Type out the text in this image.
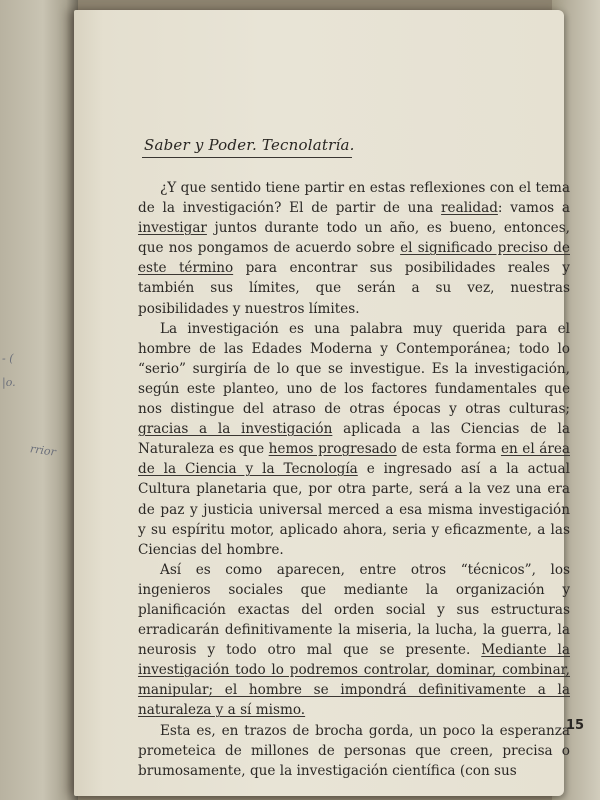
- (
|o.
rrior
Saber y Poder. Tecnolatría.

¿Y que sentido tiene partir en estas reflexiones con el tema de la investigación? El de partir de una realidad: vamos a investigar juntos durante todo un año, es bueno, entonces, que nos pongamos de acuerdo sobre el significado preciso de este término para encontrar sus posibilidades reales y también sus límites, que serán a su vez, nuestras posibilidades y nuestros límites.

La investigación es una palabra muy querida para el hombre de las Edades Moderna y Contemporánea; todo lo “serio” surgiría de lo que se investigue. Es la investigación, según este planteo, uno de los factores fundamentales que nos distingue del atraso de otras épocas y otras culturas; gracias a la investigación aplicada a las Ciencias de la Naturaleza es que hemos progresado de esta forma en el área de la Ciencia y la Tecnología e ingresado así a la actual Cultura planetaria que, por otra parte, será a la vez una era de paz y justicia universal merced a esa misma investigación y su espíritu motor, aplicado ahora, seria y eficazmente, a las Ciencias del hombre.

Así es como aparecen, entre otros “técnicos”, los ingenieros sociales que mediante la organización y planificación exactas del orden social y sus estructuras erradicarán definitivamente la miseria, la lucha, la guerra, la neurosis y todo otro mal que se presente. Mediante la investigación todo lo podremos controlar, dominar, combinar, manipular; el hombre se impondrá definitivamente a la naturaleza y a sí mismo.

Esta es, en trazos de brocha gorda, un poco la esperanza prometeica de millones de personas que creen, precisa o brumosamente, que la investigación científica (con sus

15
